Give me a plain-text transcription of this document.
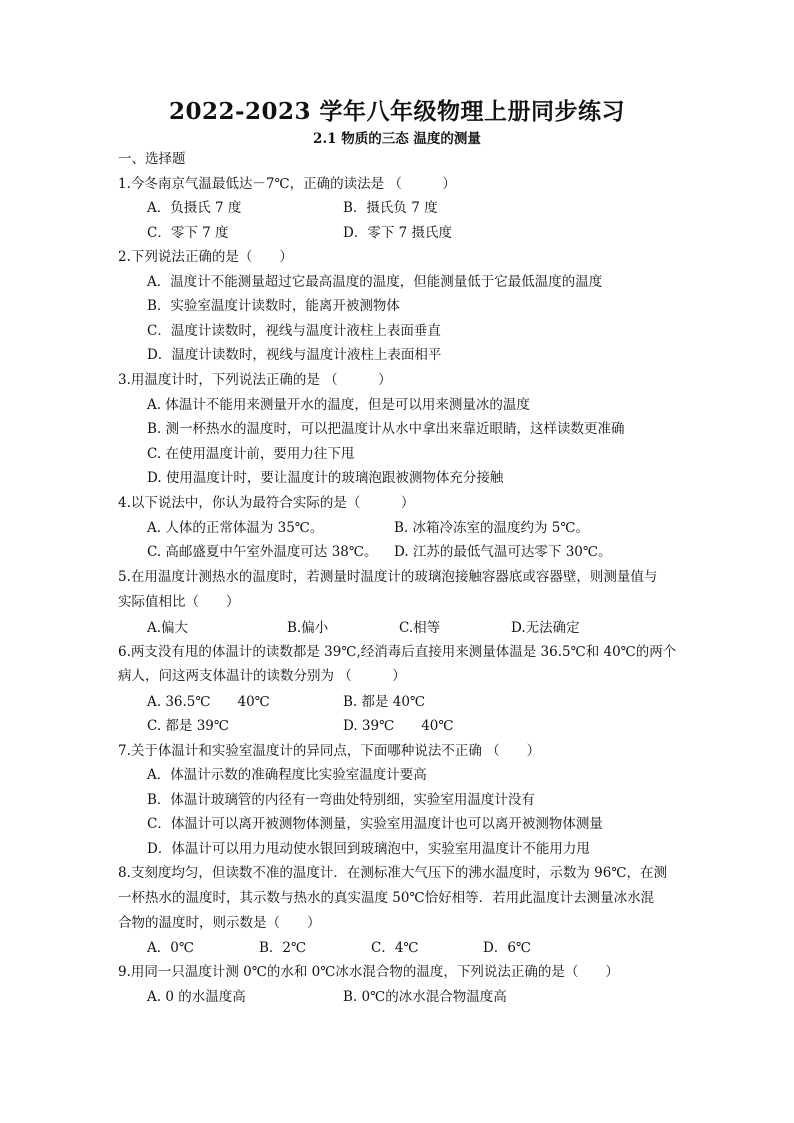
2022-2023 学年八年级物理上册同步练习
2.1 物质的三态 温度的测量
一、选择题
1.今冬南京气温最低达－7℃，正确的读法是 （　　　）
A．负摄氏 7 度	B．摄氏负 7 度
C．零下 7 度	D．零下 7 摄氏度
2.下列说法正确的是（　　）
A．温度计不能测量超过它最高温度的温度，但能测量低于它最低温度的温度
B．实验室温度计读数时，能离开被测物体
C．温度计读数时，视线与温度计液柱上表面垂直
D．温度计读数时，视线与温度计液柱上表面相平
3.用温度计时，下列说法正确的是 （　　　）
A. 体温计不能用来测量开水的温度，但是可以用来测量冰的温度
B. 测一杯热水的温度时，可以把温度计从水中拿出来靠近眼睛，这样读数更准确
C. 在使用温度计前，要用力往下甩
D. 使用温度计时，要让温度计的玻璃泡跟被测物体充分接触
4.以下说法中，你认为最符合实际的是（　　　）
A. 人体的正常体温为 35℃。	B. 冰箱冷冻室的温度约为 5℃。
C. 高邮盛夏中午室外温度可达 38℃。 D. 江苏的最低气温可达零下 30℃。
5.在用温度计测热水的温度时，若测量时温度计的玻璃泡接触容器底或容器壁，则测量值与
实际值相比（　　）
A.偏大	B.偏小	C.相等	D.无法确定
6.两支没有甩的体温计的读数都是 39℃,经消毒后直接用来测量体温是 36.5℃和 40℃的两个
病人，问这两支体温计的读数分别为 （　　　）
A. 36.5℃　　40℃	B. 都是 40℃
C. 都是 39℃	D. 39℃　　40℃
7.关于体温计和实验室温度计的异同点，下面哪种说法不正确 （　　）
A．体温计示数的准确程度比实验室温度计要高
B．体温计玻璃管的内径有一弯曲处特别细，实验室用温度计没有
C．体温计可以离开被测物体测量，实验室用温度计也可以离开被测物体测量
D．体温计可以用力甩动使水银回到玻璃泡中，实验室用温度计不能用力甩
8.支刻度均匀，但读数不准的温度计．在测标准大气压下的沸水温度时，示数为 96℃，在测
一杯热水的温度时，其示数与热水的真实温度 50℃恰好相等．若用此温度计去测量冰水混
合物的温度时，则示数是（　　）
A．0℃	B．2℃	C．4℃	D．6℃
9.用同一只温度计测 0℃的水和 0℃冰水混合物的温度，下列说法正确的是（　　）
A. 0 的水温度高	B. 0℃的冰水混合物温度高
